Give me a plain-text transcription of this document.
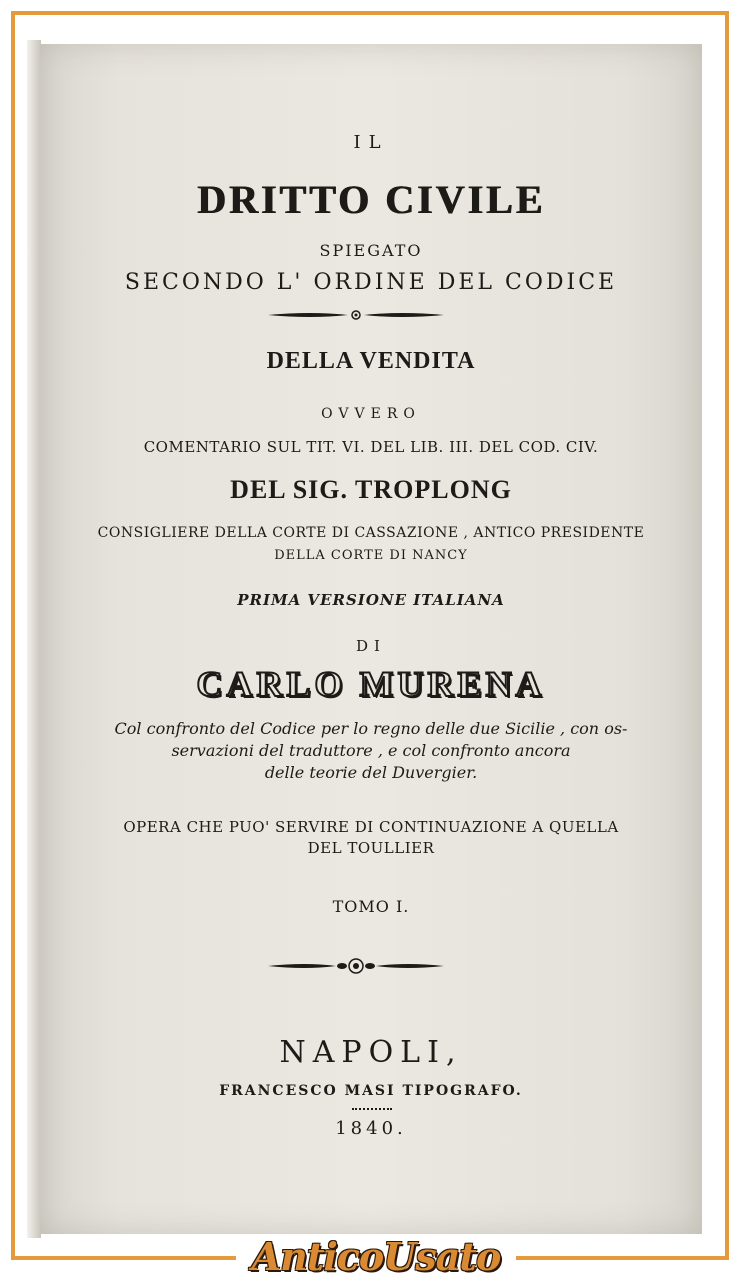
IL
DRITTO CIVILE
SPIEGATO
SECONDO L' ORDINE DEL CODICE
DELLA VENDITA
OVVERO
COMENTARIO SUL TIT. VI. DEL LIB. III. DEL COD. CIV.
DEL SIG. TROPLONG
CONSIGLIERE DELLA CORTE DI CASSAZIONE , ANTICO PRESIDENTE
DELLA CORTE DI NANCY
PRIMA VERSIONE ITALIANA
DI
CARLO MURENA
Col confronto del Codice per lo regno delle due Sicilie , con os-
servazioni del traduttore , e col confronto ancora
delle teorie del Duvergier.
OPERA CHE PUO' SERVIRE DI CONTINUAZIONE A QUELLA
DEL TOULLIER
TOMO I.
NAPOLI,
FRANCESCO MASI TIPOGRAFO.
1840.
AnticoUsato
